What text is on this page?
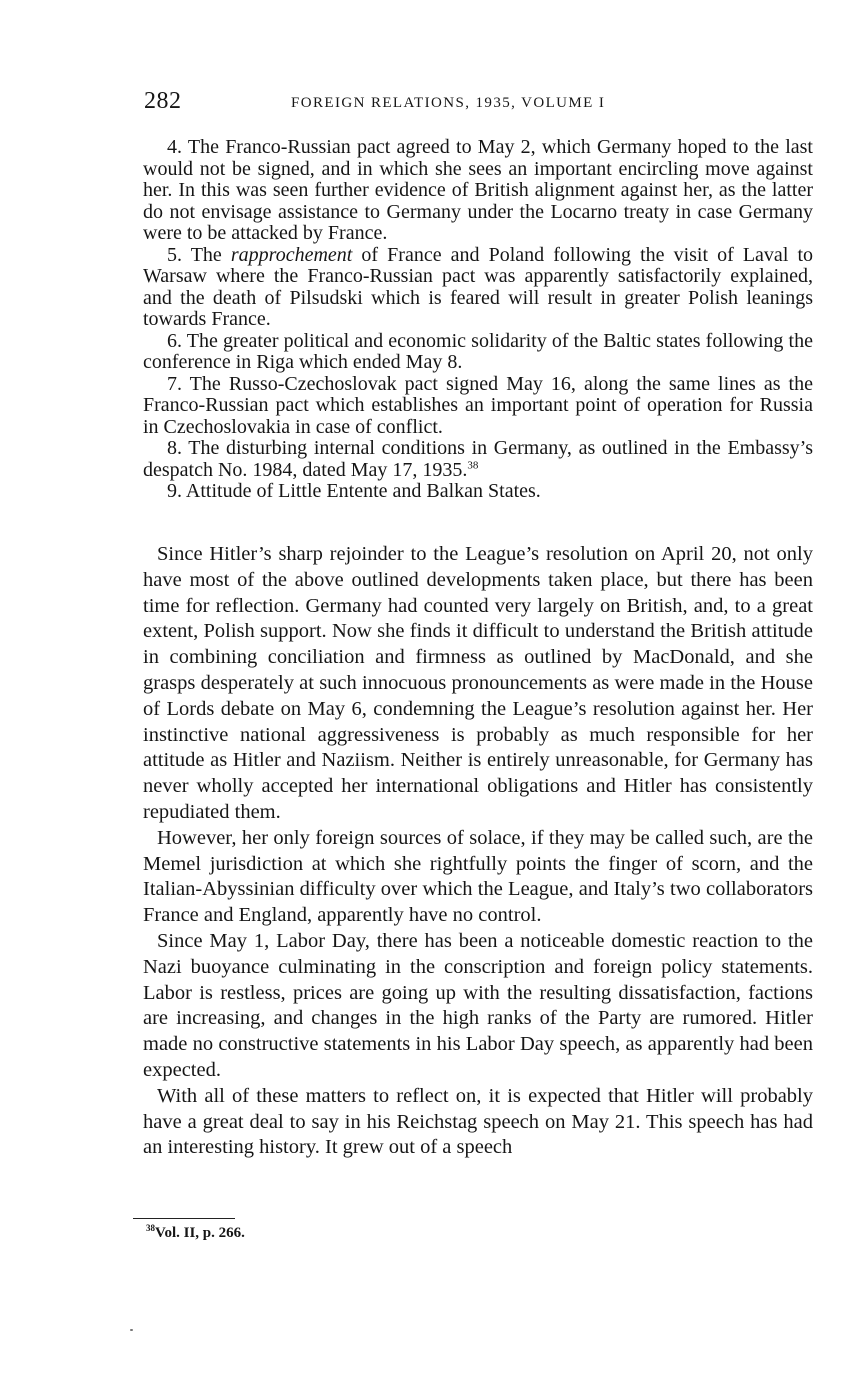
282	FOREIGN RELATIONS, 1935, VOLUME I

4. The Franco-Russian pact agreed to May 2, which Germany hoped to the last would not be signed, and in which she sees an important encircling move against her. In this was seen further evidence of British alignment against her, as the latter do not envisage assistance to Germany under the Locarno treaty in case Germany were to be attacked by France.

5. The rapprochement of France and Poland following the visit of Laval to Warsaw where the Franco-Russian pact was apparently satisfactorily explained, and the death of Pilsudski which is feared will result in greater Polish leanings towards France.

6. The greater political and economic solidarity of the Baltic states following the conference in Riga which ended May 8.

7. The Russo-Czechoslovak pact signed May 16, along the same lines as the Franco-Russian pact which establishes an important point of operation for Russia in Czechoslovakia in case of conflict.

8. The disturbing internal conditions in Germany, as outlined in the Embassy’s despatch No. 1984, dated May 17, 1935.38

9. Attitude of Little Entente and Balkan States.

Since Hitler’s sharp rejoinder to the League’s resolution on April 20, not only have most of the above outlined developments taken place, but there has been time for reflection. Germany had counted very largely on British, and, to a great extent, Polish support. Now she finds it difficult to understand the British attitude in combining conciliation and firmness as outlined by MacDonald, and she grasps desperately at such innocuous pronouncements as were made in the House of Lords debate on May 6, condemning the League’s resolution against her. Her instinctive national aggressiveness is probably as much responsible for her attitude as Hitler and Naziism. Neither is entirely unreasonable, for Germany has never wholly accepted her international obligations and Hitler has consistently repudiated them.

However, her only foreign sources of solace, if they may be called such, are the Memel jurisdiction at which she rightfully points the finger of scorn, and the Italian-Abyssinian difficulty over which the League, and Italy’s two collaborators France and England, apparently have no control.

Since May 1, Labor Day, there has been a noticeable domestic reaction to the Nazi buoyance culminating in the conscription and foreign policy statements. Labor is restless, prices are going up with the resulting dissatisfaction, factions are increasing, and changes in the high ranks of the Party are rumored. Hitler made no constructive statements in his Labor Day speech, as apparently had been expected.

With all of these matters to reflect on, it is expected that Hitler will probably have a great deal to say in his Reichstag speech on May 21. This speech has had an interesting history. It grew out of a speech

$^{38}$Vol. II, p. 266.
